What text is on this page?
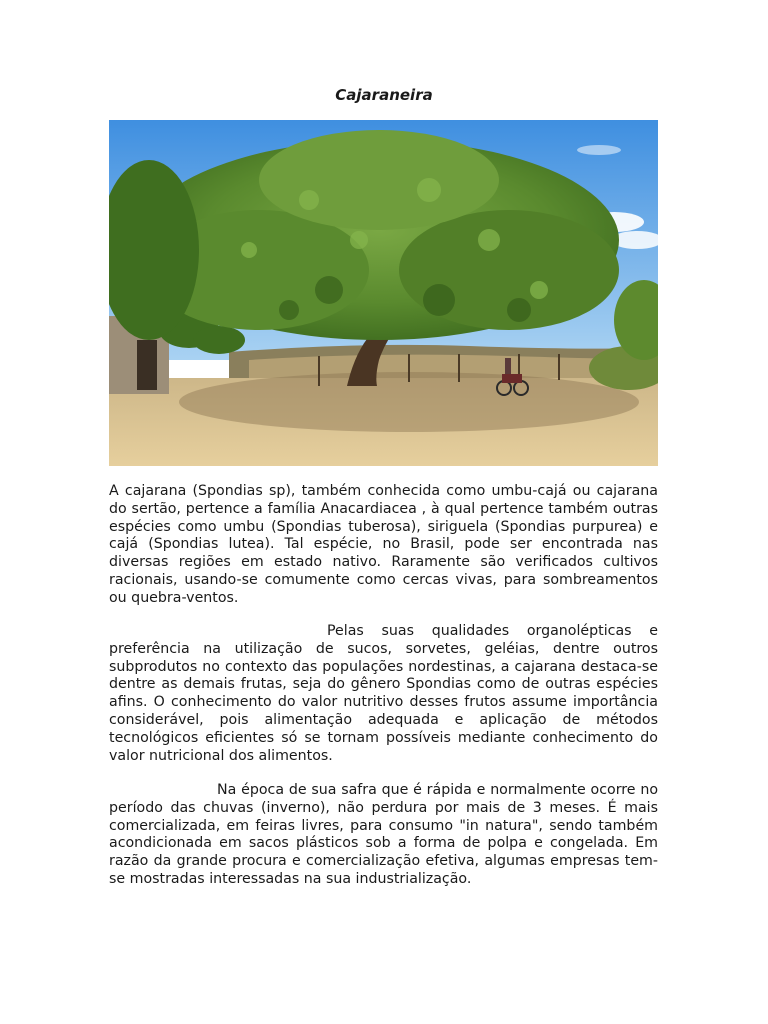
Cajaraneira

A cajarana (Spondias sp), também conhecida como umbu-cajá ou cajarana do sertão, pertence a família Anacardiacea , à qual pertence também outras espécies como umbu (Spondias tuberosa), siriguela (Spondias purpurea) e cajá (Spondias lutea). Tal espécie, no Brasil, pode ser encontrada nas diversas regiões em estado nativo. Raramente são verificados cultivos racionais, usando-se comumente como cercas vivas, para sombreamentos ou quebra-ventos.

Pelas suas qualidades organolépticas e preferência na utilização de sucos, sorvetes, geléias, dentre outros subprodutos no contexto das populações nordestinas, a cajarana destaca-se dentre as demais frutas, seja do gênero Spondias como de outras espécies afins. O conhecimento do valor nutritivo desses frutos assume importância considerável, pois alimentação adequada e aplicação de métodos tecnológicos eficientes só se tornam possíveis mediante conhecimento do valor nutricional dos alimentos.

Na época de sua safra que é rápida e normalmente ocorre no período das chuvas (inverno), não perdura por mais de 3 meses. É mais comercializada, em feiras livres, para consumo "in natura", sendo também acondicionada em sacos plásticos sob a forma de polpa e congelada. Em razão da grande procura e comercialização efetiva, algumas empresas tem-se mostradas interessadas na sua industrialização.
